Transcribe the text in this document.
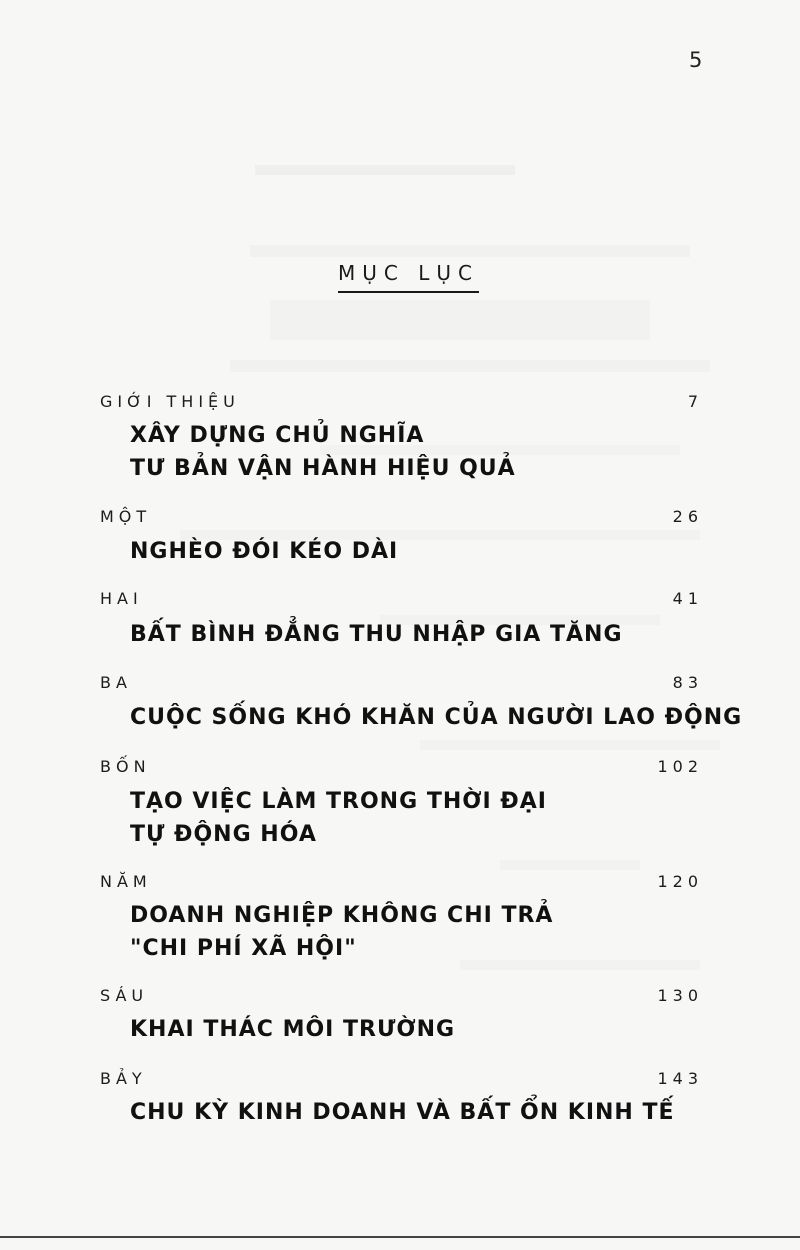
5
MỤC LỤC
GIỚI THIỆU	7
XÂY DỰNG CHỦ NGHĨA
TƯ BẢN VẬN HÀNH HIỆU QUẢ
MỘT	26
NGHÈO ĐÓI KÉO DÀI
HAI	41
BẤT BÌNH ĐẲNG THU NHẬP GIA TĂNG
BA	83
CUỘC SỐNG KHÓ KHĂN CỦA NGƯỜI LAO ĐỘNG
BỐN	102
TẠO VIỆC LÀM TRONG THỜI ĐẠI
TỰ ĐỘNG HÓA
NĂM	120
DOANH NGHIỆP KHÔNG CHI TRẢ
"CHI PHÍ XÃ HỘI"
SÁU	130
KHAI THÁC MÔI TRƯỜNG
BẢY	143
CHU KỲ KINH DOANH VÀ BẤT ỔN KINH TẾ
